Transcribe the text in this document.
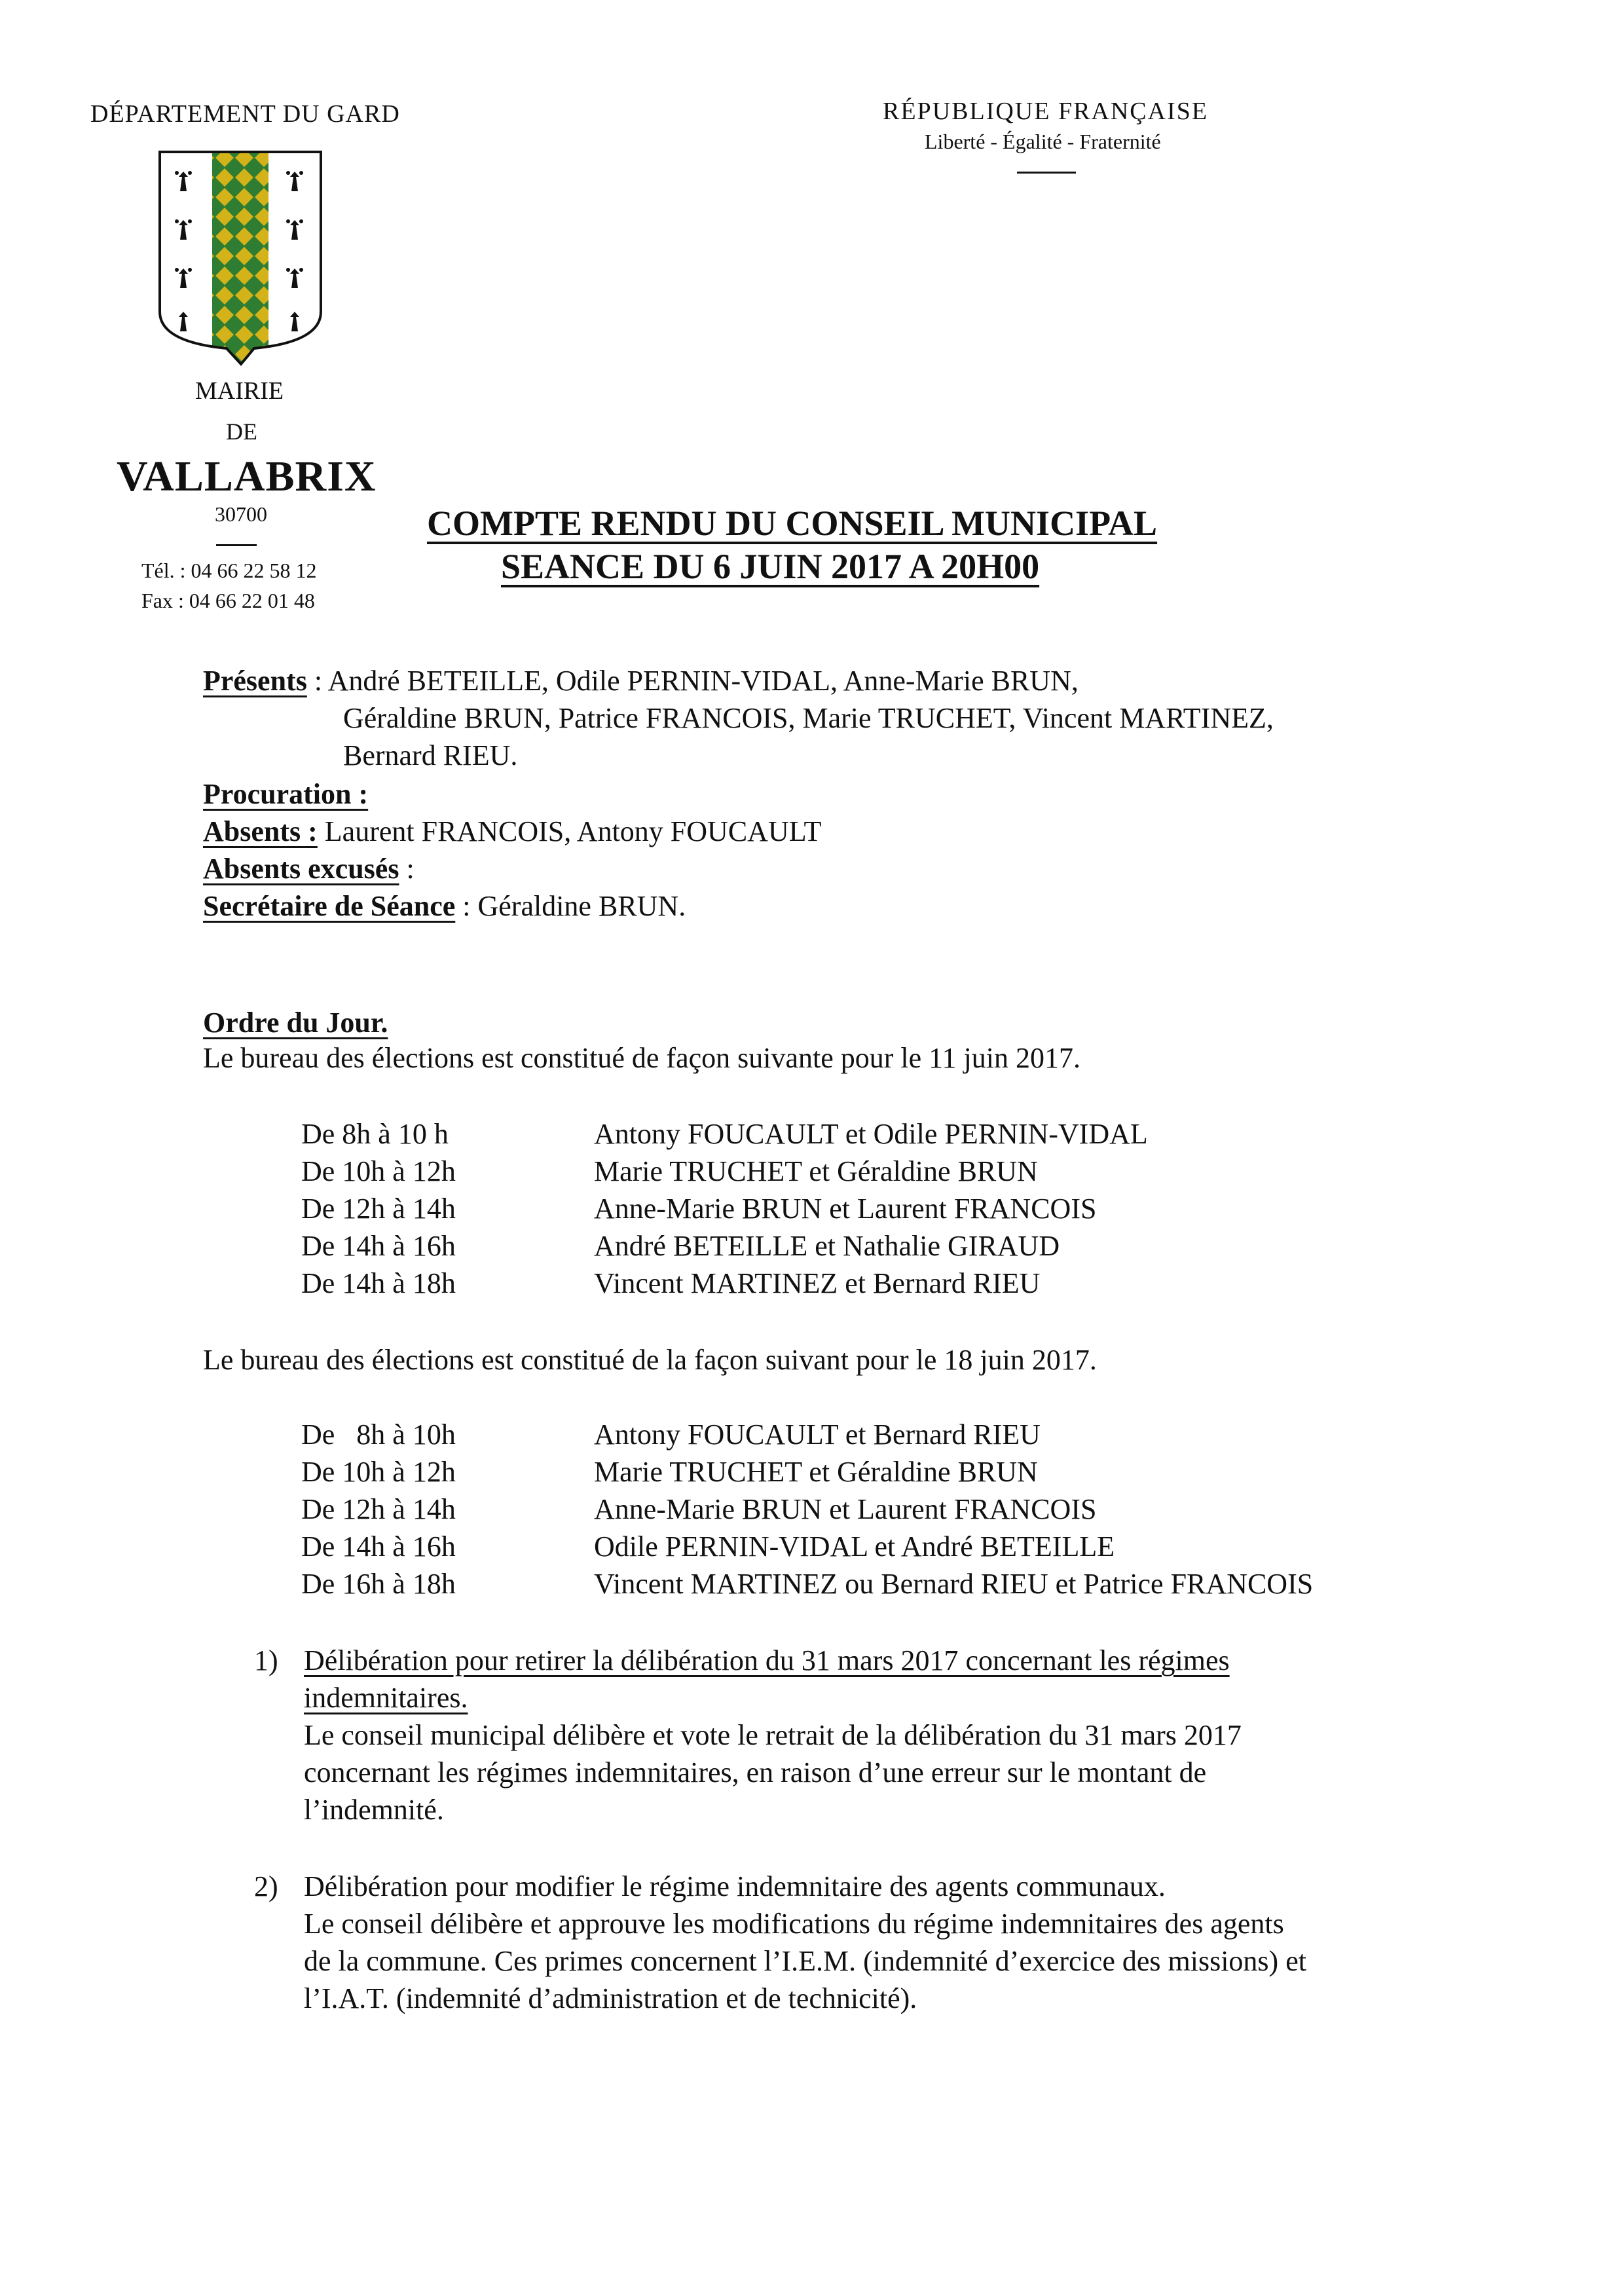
DÉPARTEMENT DU GARD
MAIRIE
DE
VALLABRIX
30700
Tél. : 04 66 22 58 12
Fax : 04 66 22 01 48
RÉPUBLIQUE FRANÇAISE
Liberté - Égalité - Fraternité
COMPTE RENDU DU CONSEIL MUNICIPAL
SEANCE DU 6 JUIN 2017 A 20H00
Présents : André BETEILLE, Odile PERNIN-VIDAL, Anne-Marie BRUN,
Géraldine BRUN, Patrice FRANCOIS, Marie TRUCHET, Vincent MARTINEZ,
Bernard RIEU.
Procuration :
Absents : Laurent FRANCOIS, Antony FOUCAULT
Absents excusés :
Secrétaire de Séance : Géraldine BRUN.
Ordre du Jour.
Le bureau des élections est constitué de façon suivante pour le 11 juin 2017.
De 8h à 10 h	Antony FOUCAULT et Odile PERNIN-VIDAL
De 10h à 12h	Marie TRUCHET et Géraldine BRUN
De 12h à 14h	Anne-Marie BRUN et Laurent FRANCOIS
De 14h à 16h	André BETEILLE et Nathalie GIRAUD
De 14h à 18h	Vincent MARTINEZ et Bernard RIEU
Le bureau des élections est constitué de la façon suivant pour le 18 juin 2017.
De   8h à 10h	Antony FOUCAULT et Bernard RIEU
De 10h à 12h	Marie TRUCHET et Géraldine BRUN
De 12h à 14h	Anne-Marie BRUN et Laurent FRANCOIS
De 14h à 16h	Odile PERNIN-VIDAL et André BETEILLE
De 16h à 18h	Vincent MARTINEZ ou Bernard RIEU et Patrice FRANCOIS
1) Délibération pour retirer la délibération du 31 mars 2017 concernant les régimes
indemnitaires.
Le conseil municipal délibère et vote le retrait de la délibération du 31 mars 2017
concernant les régimes indemnitaires, en raison d’une erreur sur le montant de
l’indemnité.
2) Délibération pour modifier le régime indemnitaire des agents communaux.
Le conseil délibère et approuve les modifications du régime indemnitaires des agents
de la commune. Ces primes concernent l’I.E.M. (indemnité d’exercice des missions) et
l’I.A.T. (indemnité d’administration et de technicité).
